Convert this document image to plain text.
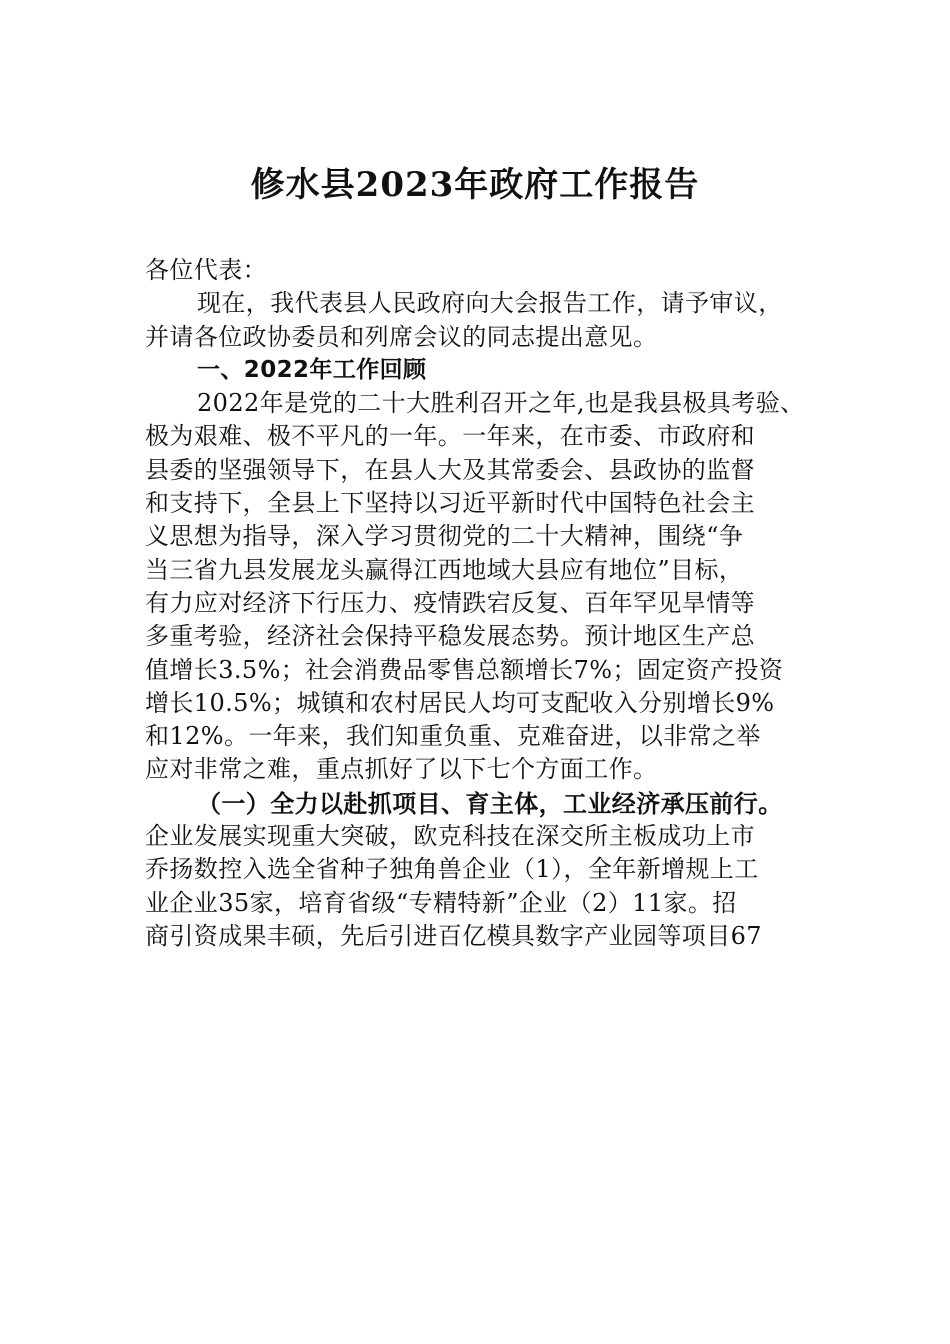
修水县2023年政府工作报告
各位代表：
现在，我代表县人民政府向大会报告工作，请予审议，
并请各位政协委员和列席会议的同志提出意见。
一、2022年工作回顾
2022年是党的二十大胜利召开之年,也是我县极具考验、
极为艰难、极不平凡的一年。一年来，在市委、市政府和
县委的坚强领导下，在县人大及其常委会、县政协的监督
和支持下，全县上下坚持以习近平新时代中国特色社会主
义思想为指导，深入学习贯彻党的二十大精神，围绕“争
当三省九县发展龙头赢得江西地域大县应有地位”目标，
有力应对经济下行压力、疫情跌宕反复、百年罕见旱情等
多重考验，经济社会保持平稳发展态势。预计地区生产总
值增长3.5%；社会消费品零售总额增长7%；固定资产投资
增长10.5%；城镇和农村居民人均可支配收入分别增长9%
和12%。一年来，我们知重负重、克难奋进，以非常之举
应对非常之难，重点抓好了以下七个方面工作。
（一）全力以赴抓项目、育主体，工业经济承压前行。
企业发展实现重大突破，欧克科技在深交所主板成功上市
乔扬数控入选全省种子独角兽企业（1），全年新增规上工
业企业35家，培育省级“专精特新”企业（2）11家。招
商引资成果丰硕，先后引进百亿模具数字产业园等项目67
